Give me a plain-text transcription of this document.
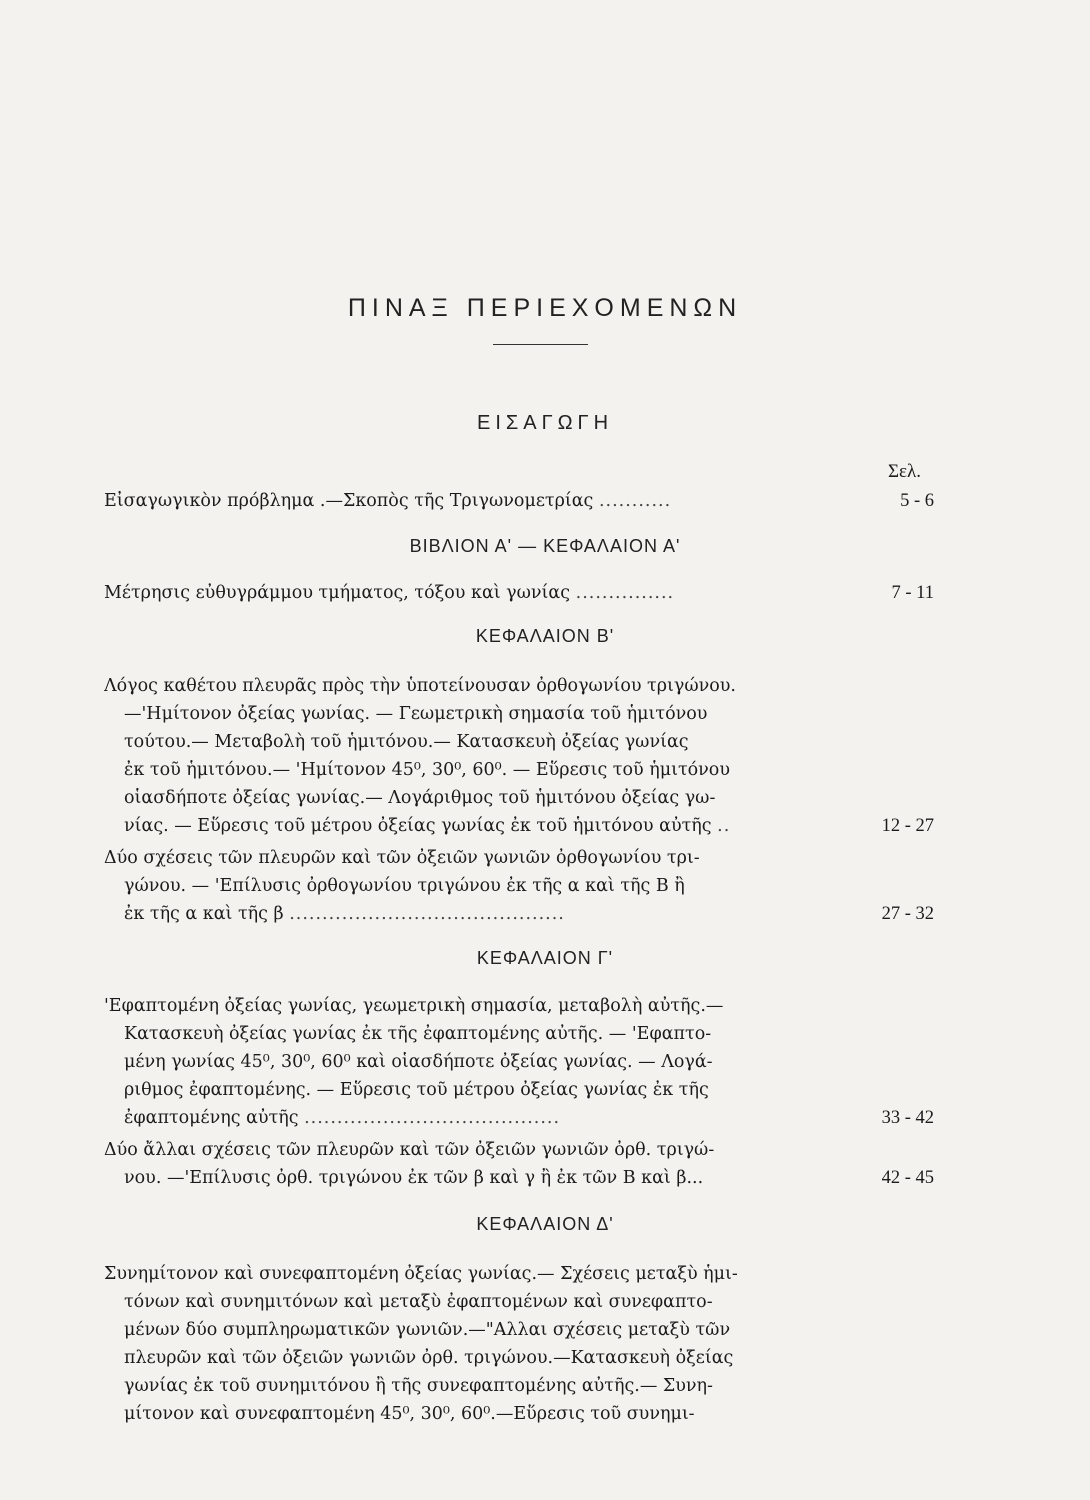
ΠΙΝΑΞ ΠΕΡΙΕΧΟΜΕΝΩΝ
ΕΙΣΑΓΩΓΗ
Σελ.
Εἰσαγωγικὸν πρόβλημα .—Σκοπὸς τῆς Τριγωνομετρίας ...........	5 - 6
ΒΙΒΛΙΟΝ Α' — ΚΕΦΑΛΑΙΟΝ Α'
Μέτρησις εὐθυγράμμου τμήματος, τόξου καὶ γωνίας ...............	7 - 11
ΚΕΦΑΛΑΙΟΝ Β'
Λόγος καθέτου πλευρᾶς πρὸς τὴν ὑποτείνουσαν ὀρθογωνίου τριγώνου.
—'Ημίτονον ὀξείας γωνίας. — Γεωμετρικὴ σημασία τοῦ ἡμιτόνου
τούτου.— Μεταβολὴ τοῦ ἡμιτόνου.— Κατασκευὴ ὀξείας γωνίας
ἐκ τοῦ ἡμιτόνου.— 'Ημίτονον 45⁰, 30⁰, 60⁰. — Εὕρεσις τοῦ ἡμιτόνου
οἱασδήποτε ὀξείας γωνίας.— Λογάριθμος τοῦ ἡμιτόνου ὀξείας γω-
νίας. — Εὕρεσις τοῦ μέτρου ὀξείας γωνίας ἐκ τοῦ ἡμιτόνου αὐτῆς ..	12 - 27
Δύο σχέσεις τῶν πλευρῶν καὶ τῶν ὀξειῶν γωνιῶν ὀρθογωνίου τρι-
γώνου. — 'Επίλυσις ὀρθογωνίου τριγώνου ἐκ τῆς α καὶ τῆς Β ἢ
ἐκ τῆς α καὶ τῆς β ..........................................	27 - 32
ΚΕΦΑΛΑΙΟΝ Γ'
'Εφαπτομένη ὀξείας γωνίας, γεωμετρικὴ σημασία, μεταβολὴ αὐτῆς.—
Κατασκευὴ ὀξείας γωνίας ἐκ τῆς ἐφαπτομένης αὐτῆς. — 'Εφαπτο-
μένη γωνίας 45⁰, 30⁰, 60⁰ καὶ οἱασδήποτε ὀξείας γωνίας. — Λογά-
ριθμος ἐφαπτομένης. — Εὕρεσις τοῦ μέτρου ὀξείας γωνίας ἐκ τῆς
ἐφαπτομένης αὐτῆς .......................................	33 - 42
Δύο ἄλλαι σχέσεις τῶν πλευρῶν καὶ τῶν ὀξειῶν γωνιῶν ὀρθ. τριγώ-
νου. —'Επίλυσις ὀρθ. τριγώνου ἐκ τῶν β καὶ γ ἢ ἐκ τῶν Β καὶ β...	42 - 45
ΚΕΦΑΛΑΙΟΝ Δ'
Συνημίτονον καὶ συνεφαπτομένη ὀξείας γωνίας.— Σχέσεις μεταξὺ ἡμι-
τόνων καὶ συνημιτόνων καὶ μεταξὺ ἐφαπτομένων καὶ συνεφαπτο-
μένων δύο συμπληρωματικῶν γωνιῶν.—"Αλλαι σχέσεις μεταξὺ τῶν
πλευρῶν καὶ τῶν ὀξειῶν γωνιῶν ὀρθ. τριγώνου.—Κατασκευὴ ὀξείας
γωνίας ἐκ τοῦ συνημιτόνου ἢ τῆς συνεφαπτομένης αὐτῆς.— Συνη-
μίτονον καὶ συνεφαπτομένη 45⁰, 30⁰, 60⁰.—Εὕρεσις τοῦ συνημι-
